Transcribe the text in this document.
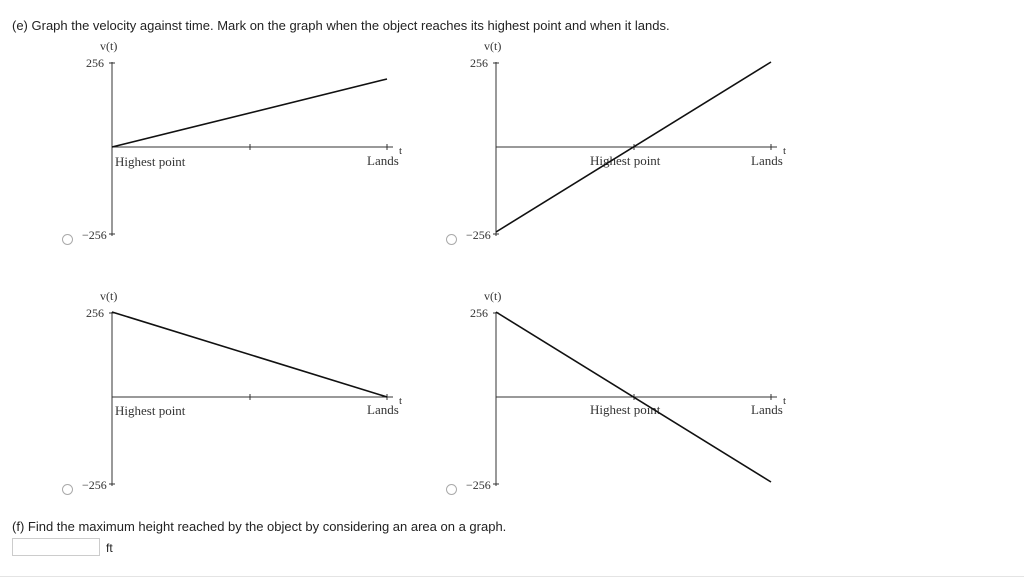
(e) Graph the velocity against time. Mark on the graph when the object reaches its highest point and when it lands.
v(t)
256
−256
t
Highest point	Lands
v(t)
256
−256
t
Highest point	Lands
v(t)
256
−256
t
Highest point	Lands
v(t)
256
−256
t
Highest point	Lands
(f) Find the maximum height reached by the object by considering an area on a graph.
ft
